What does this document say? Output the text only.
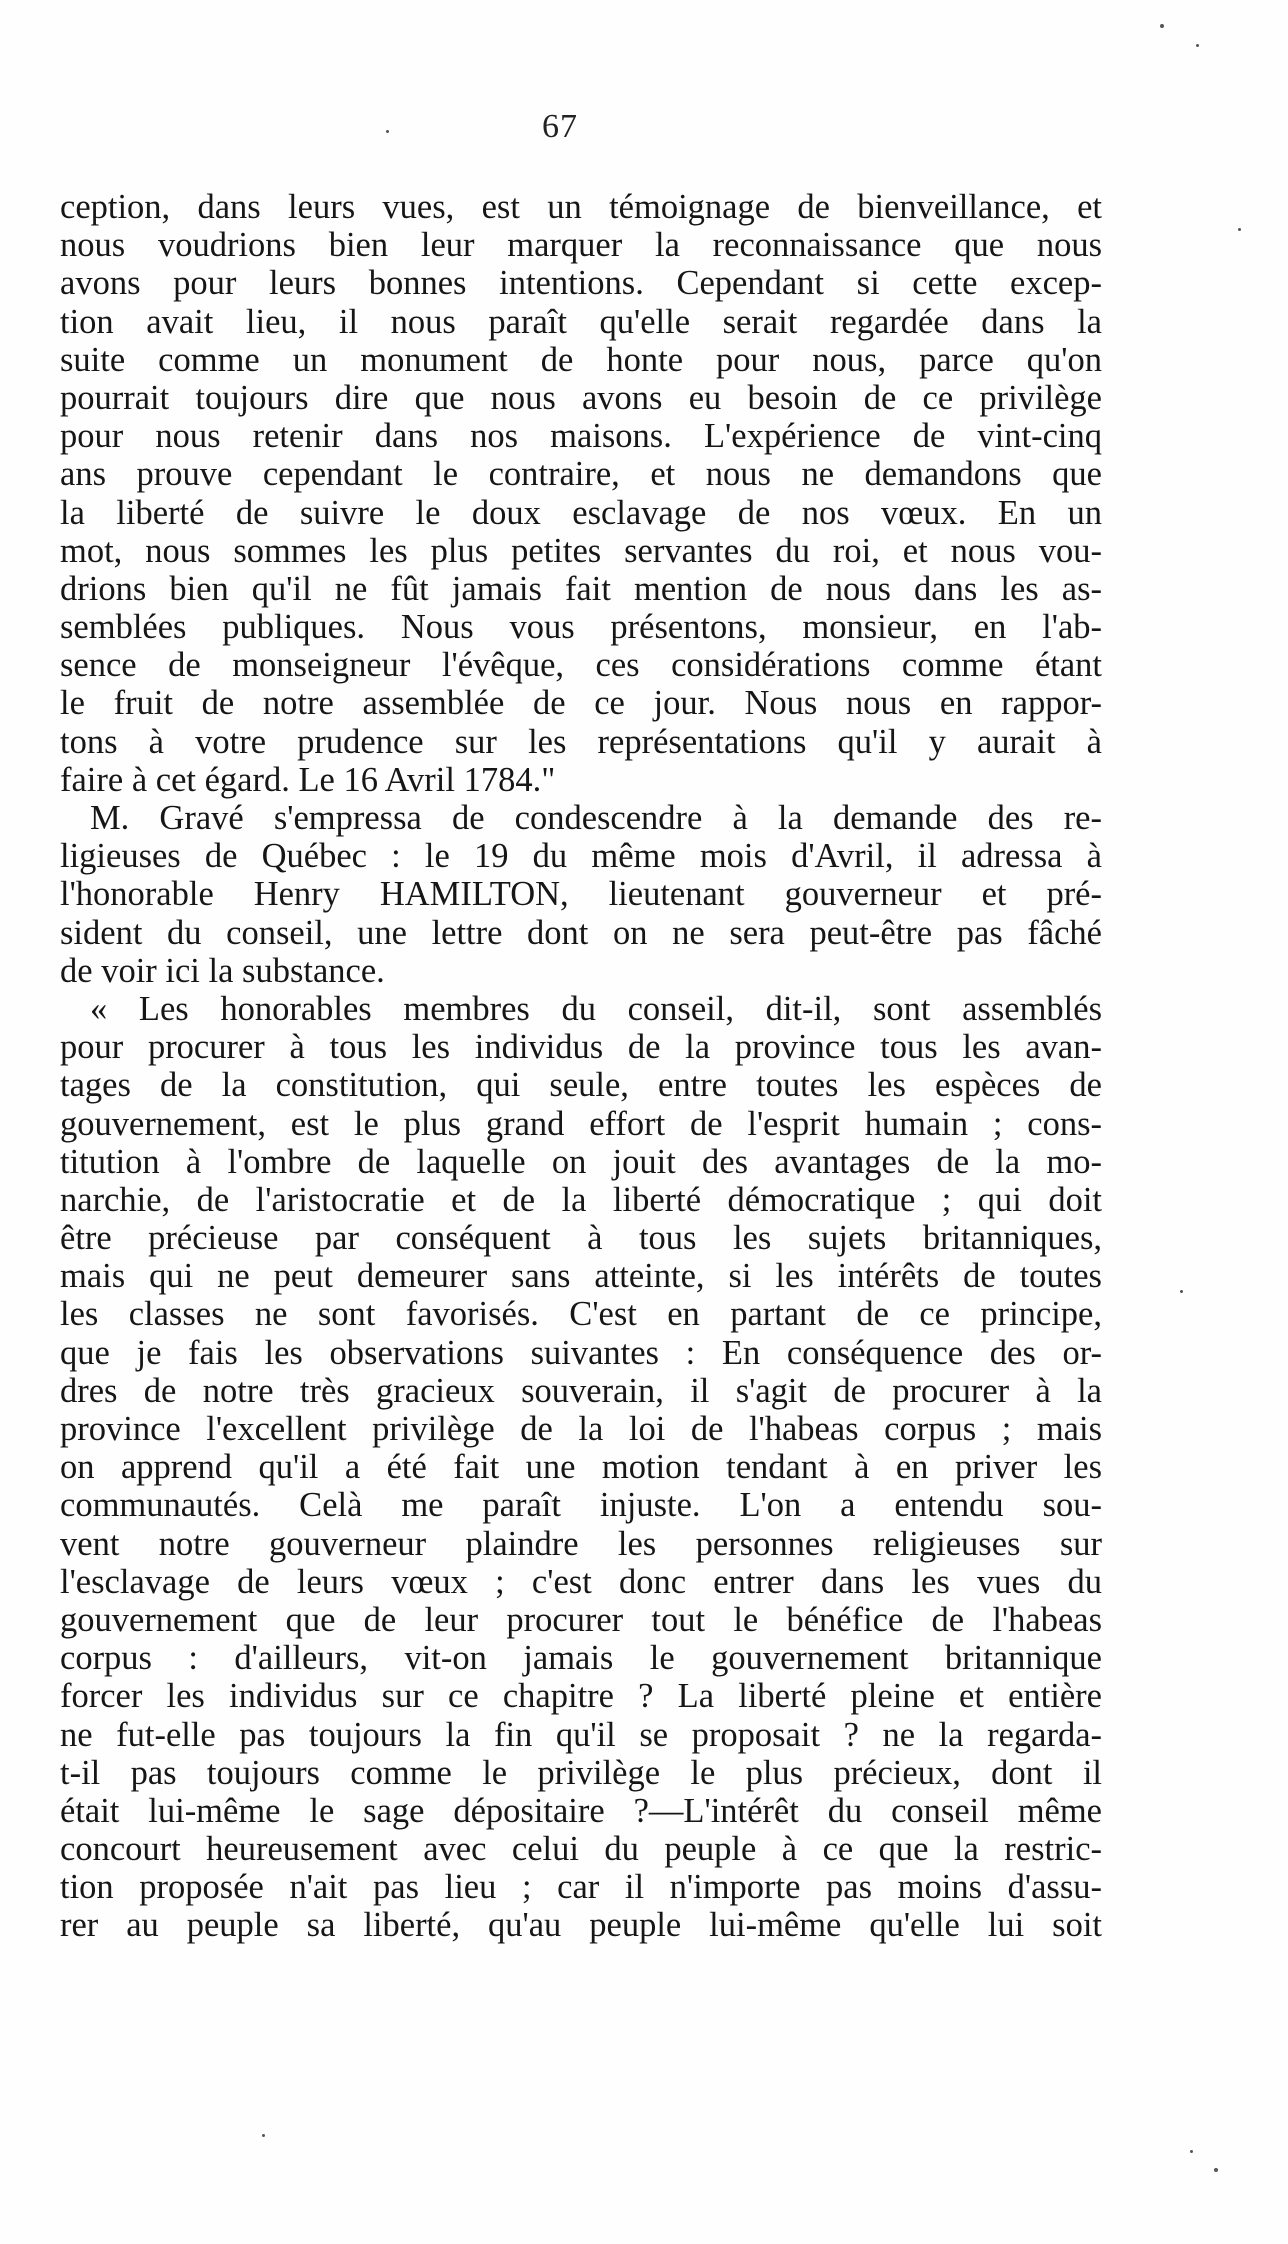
67
ception, dans leurs vues, est un témoignage de bienveillance, et
nous voudrions bien leur marquer la reconnaissance que nous
avons pour leurs bonnes intentions. Cependant si cette excep-
tion avait lieu, il nous paraît qu'elle serait regardée dans la
suite comme un monument de honte pour nous, parce qu'on
pourrait toujours dire que nous avons eu besoin de ce privilège
pour nous retenir dans nos maisons. L'expérience de vint-cinq
ans prouve cependant le contraire, et nous ne demandons que
la liberté de suivre le doux esclavage de nos vœux. En un
mot, nous sommes les plus petites servantes du roi, et nous vou-
drions bien qu'il ne fût jamais fait mention de nous dans les as-
semblées publiques. Nous vous présentons, monsieur, en l'ab-
sence de monseigneur l'évêque, ces considérations comme étant
le fruit de notre assemblée de ce jour. Nous nous en rappor-
tons à votre prudence sur les représentations qu'il y aurait à
faire à cet égard. Le 16 Avril 1784."
M. Gravé s'empressa de condescendre à la demande des re-
ligieuses de Québec : le 19 du même mois d'Avril, il adressa à
l'honorable Henry HAMILTON, lieutenant gouverneur et pré-
sident du conseil, une lettre dont on ne sera peut-être pas fâché
de voir ici la substance.
« Les honorables membres du conseil, dit-il, sont assemblés
pour procurer à tous les individus de la province tous les avan-
tages de la constitution, qui seule, entre toutes les espèces de
gouvernement, est le plus grand effort de l'esprit humain ; cons-
titution à l'ombre de laquelle on jouit des avantages de la mo-
narchie, de l'aristocratie et de la liberté démocratique ; qui doit
être précieuse par conséquent à tous les sujets britanniques,
mais qui ne peut demeurer sans atteinte, si les intérêts de toutes
les classes ne sont favorisés. C'est en partant de ce principe,
que je fais les observations suivantes : En conséquence des or-
dres de notre très gracieux souverain, il s'agit de procurer à la
province l'excellent privilège de la loi de l'habeas corpus ; mais
on apprend qu'il a été fait une motion tendant à en priver les
communautés. Celà me paraît injuste. L'on a entendu sou-
vent notre gouverneur plaindre les personnes religieuses sur
l'esclavage de leurs vœux ; c'est donc entrer dans les vues du
gouvernement que de leur procurer tout le bénéfice de l'habeas
corpus : d'ailleurs, vit-on jamais le gouvernement britannique
forcer les individus sur ce chapitre ? La liberté pleine et entière
ne fut-elle pas toujours la fin qu'il se proposait ? ne la regarda-
t-il pas toujours comme le privilège le plus précieux, dont il
était lui-même le sage dépositaire ?—L'intérêt du conseil même
concourt heureusement avec celui du peuple à ce que la restric-
tion proposée n'ait pas lieu ; car il n'importe pas moins d'assu-
rer au peuple sa liberté, qu'au peuple lui-même qu'elle lui soit
